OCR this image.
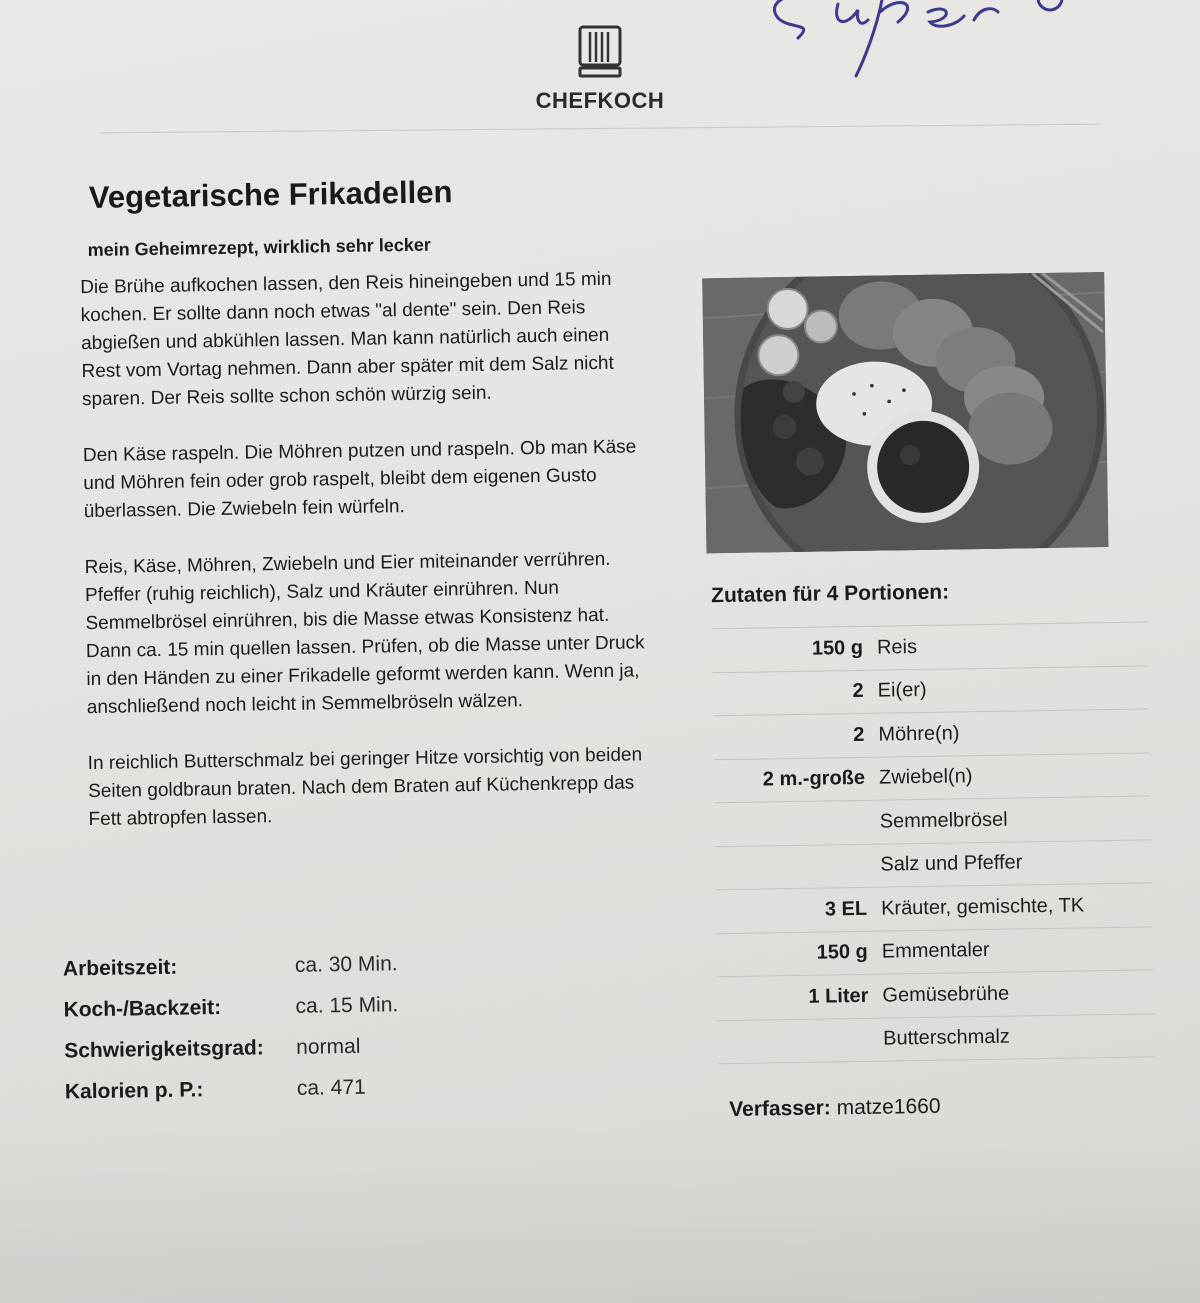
CHEFKOCH
Vegetarische Frikadellen
mein Geheimrezept, wirklich sehr lecker

Die Brühe aufkochen lassen, den Reis hineingeben und 15 min kochen. Er sollte dann noch etwas "al dente" sein. Den Reis abgießen und abkühlen lassen. Man kann natürlich auch einen Rest vom Vortag nehmen. Dann aber später mit dem Salz nicht sparen. Der Reis sollte schon schön würzig sein.

Den Käse raspeln. Die Möhren putzen und raspeln. Ob man Käse und Möhren fein oder grob raspelt, bleibt dem eigenen Gusto überlassen. Die Zwiebeln fein würfeln.

Reis, Käse, Möhren, Zwiebeln und Eier miteinander verrühren. Pfeffer (ruhig reichlich), Salz und Kräuter einrühren. Nun Semmelbrösel einrühren, bis die Masse etwas Konsistenz hat. Dann ca. 15 min quellen lassen. Prüfen, ob die Masse unter Druck in den Händen zu einer Frikadelle geformt werden kann. Wenn ja, anschließend noch leicht in Semmelbröseln wälzen.

In reichlich Butterschmalz bei geringer Hitze vorsichtig von beiden Seiten goldbraun braten. Nach dem Braten auf Küchenkrepp das Fett abtropfen lassen.

Arbeitszeit:	ca. 30 Min.
Koch-/Backzeit:	ca. 15 Min.
Schwierigkeitsgrad:	normal
Kalorien p. P.:	ca. 471
Zutaten für 4 Portionen:
150 g Reis
2 Ei(er)
2 Möhre(n)
2 m.-große Zwiebel(n)
Semmelbrösel
Salz und Pfeffer
3 EL Kräuter, gemischte, TK
150 g Emmentaler
1 Liter Gemüsebrühe
Butterschmalz
Verfasser: matze1660
